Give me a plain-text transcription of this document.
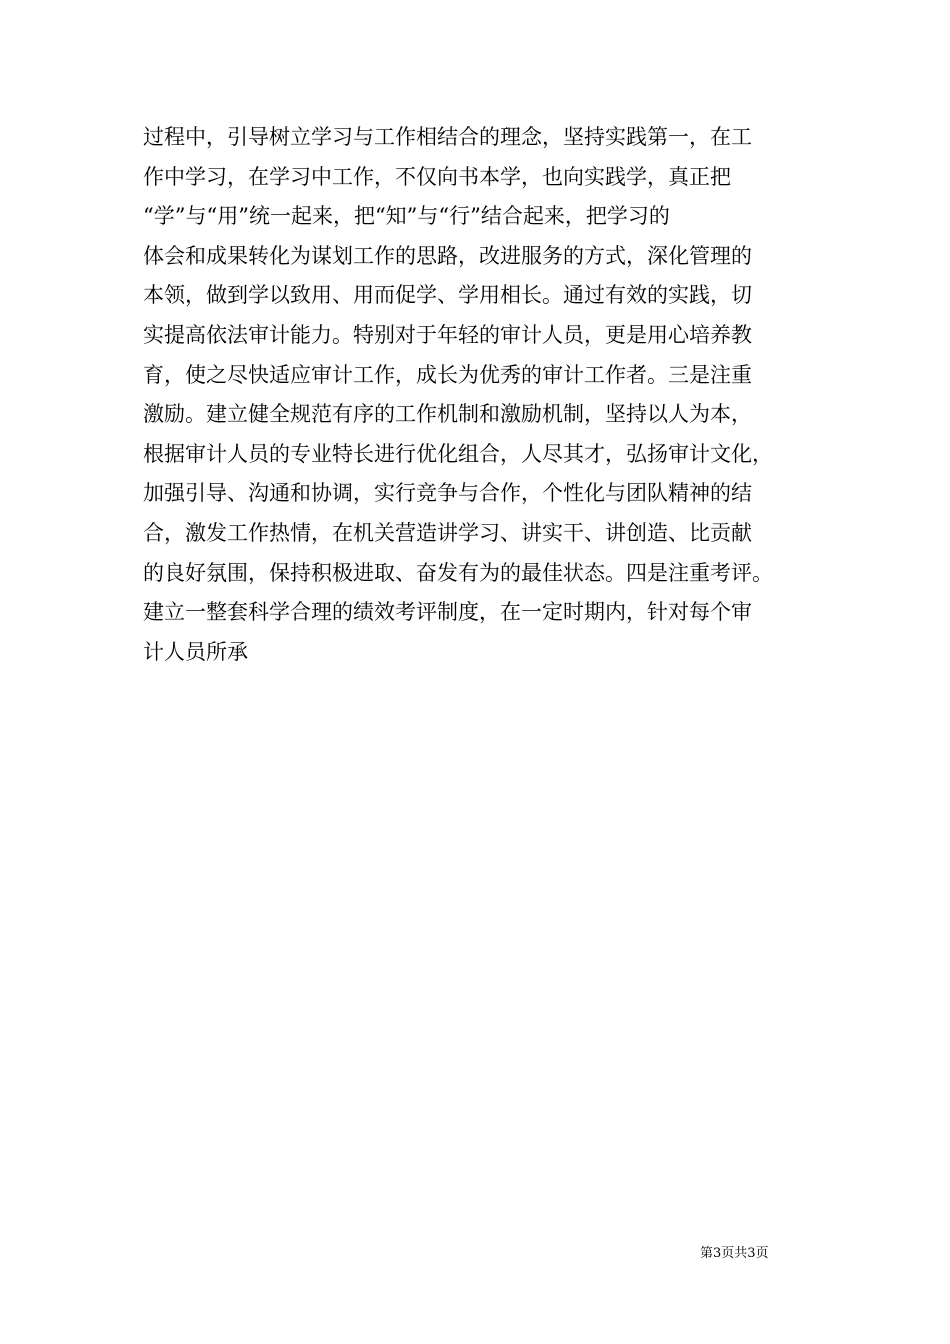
过程中，引导树立学习与工作相结合的理念，坚持实践第一，在工
作中学习，在学习中工作，不仅向书本学，也向实践学，真正把
“学”与“用”统一起来，把“知”与“行”结合起来，把学习的
体会和成果转化为谋划工作的思路，改进服务的方式，深化管理的
本领，做到学以致用、用而促学、学用相长。通过有效的实践，切
实提高依法审计能力。特别对于年轻的审计人员，更是用心培养教
育，使之尽快适应审计工作，成长为优秀的审计工作者。三是注重
激励。建立健全规范有序的工作机制和激励机制，坚持以人为本，
根据审计人员的专业特长进行优化组合，人尽其才，弘扬审计文化，
加强引导、沟通和协调，实行竞争与合作，个性化与团队精神的结
合，激发工作热情，在机关营造讲学习、讲实干、讲创造、比贡献
的良好氛围，保持积极进取、奋发有为的最佳状态。四是注重考评。
建立一整套科学合理的绩效考评制度，在一定时期内，针对每个审
计人员所承
第3页共3页
